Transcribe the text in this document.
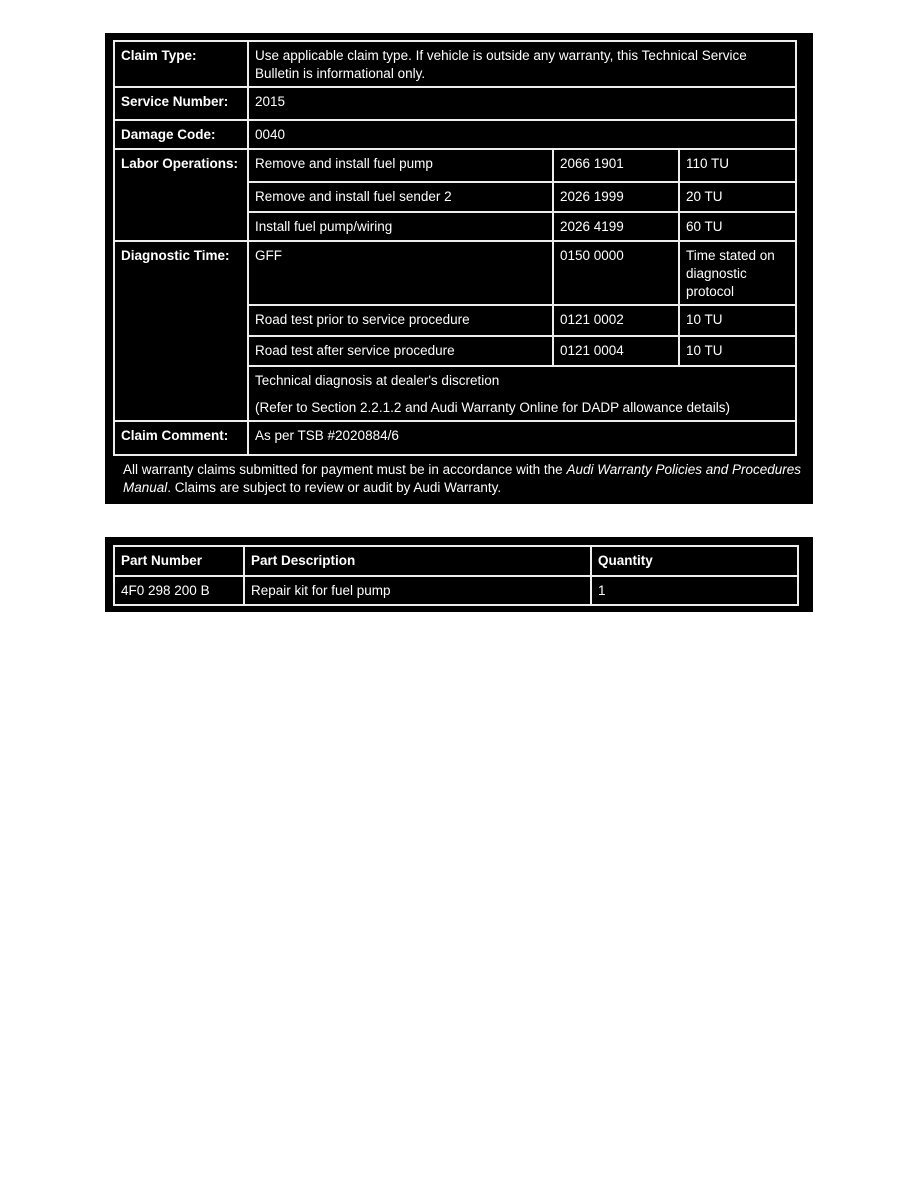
Claim Type:	Use applicable claim type. If vehicle is outside any warranty, this Technical Service Bulletin is informational only.		
Service Number:	2015		
Damage Code:	0040		
Labor Operations:	Remove and install fuel pump	2066 1901	110 TU
	Remove and install fuel sender 2	2026 1999	20 TU
	Install fuel pump/wiring	2026 4199	60 TU
Diagnostic Time:	GFF	0150 0000	Time stated on diagnostic protocol
	Road test prior to service procedure	0121 0002	10 TU
	Road test after service procedure	0121 0004	10 TU

	Technical diagnosis at dealer's discretion
(Refer to Section 2.2.1.2 and Audi Warranty Online for DADP allowance details)		

Claim Comment:	As per TSB #2020884/6		

All warranty claims submitted for payment must be in accordance with the Audi Warranty Policies and Procedures Manual. Claims are subject to review or audit by Audi Warranty.

Part Number	Part Description	Quantity
4F0 298 200 B	Repair kit for fuel pump	1
